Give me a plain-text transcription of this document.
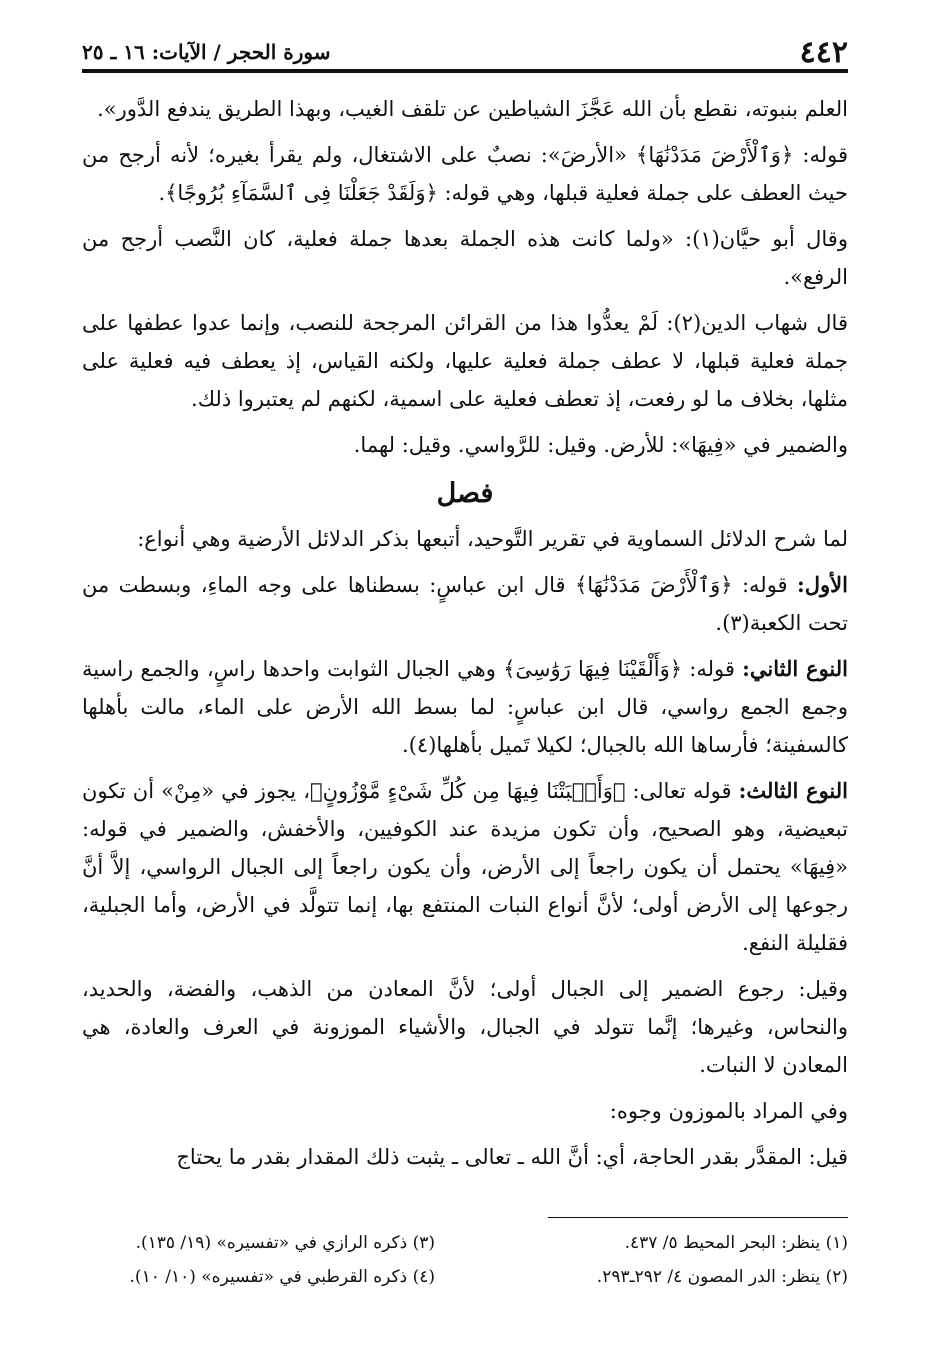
٤٤٢
سورة الحجر / الآيات: ١٦ ـ ٢٥

العلم بنبوته، نقطع بأن الله عَجَّزَ الشياطين عن تلقف الغيب، وبهذا الطريق يندفع الدَّور».

قوله: ﴿وَٱلْأَرْضَ مَدَدْنَٰهَا﴾ «الأرضَ»: نصبٌ على الاشتغال، ولم يقرأ بغيره؛ لأنه أرجح من حيث العطف على جملة فعلية قبلها، وهي قوله: ﴿وَلَقَدْ جَعَلْنَا فِى ٱلسَّمَآءِ بُرُوجًا﴾.

وقال أبو حيَّان(١): «ولما كانت هذه الجملة بعدها جملة فعلية، كان النَّصب أرجح من الرفع».

قال شهاب الدين(٢): لَمْ يعدُّوا هذا من القرائن المرجحة للنصب، وإنما عدوا عطفها على جملة فعلية قبلها، لا عطف جملة فعلية عليها، ولكنه القياس، إذ يعطف فيه فعلية على مثلها، بخلاف ما لو رفعت، إذ تعطف فعلية على اسمية، لكنهم لم يعتبروا ذلك.

والضمير في «فِيهَا»: للأرض. وقيل: للرَّواسي. وقيل: لهما.

فصل

لما شرح الدلائل السماوية في تقرير التَّوحيد، أتبعها بذكر الدلائل الأرضية وهي أنواع:

الأول: قوله: ﴿وَٱلْأَرْضَ مَدَدْنَٰهَا﴾ قال ابن عباسٍ: بسطناها على وجه الماءِ، وبسطت من تحت الكعبة(٣).

النوع الثاني: قوله: ﴿وَأَلْقَيْنَا فِيهَا رَوَٰسِىَ﴾ وهي الجبال الثوابت واحدها راسٍ، والجمع راسية وجمع الجمع رواسي، قال ابن عباسٍ: لما بسط الله الأرض على الماء، مالت بأهلها كالسفينة؛ فأرساها الله بالجبال؛ لكيلا تَميل بأهلها(٤).

النوع الثالث: قوله تعالى: ﴿وَأَنۢبَتْنَا فِيهَا مِن كُلِّ شَىْءٍ مَّوْزُونٍ﴾، يجوز في «مِنْ» أن تكون تبعيضية، وهو الصحيح، وأن تكون مزيدة عند الكوفيين، والأخفش، والضمير في قوله: «فِيهَا» يحتمل أن يكون راجعاً إلى الأرض، وأن يكون راجعاً إلى الجبال الرواسي، إلاَّ أنَّ رجوعها إلى الأرض أولى؛ لأنَّ أنواع النبات المنتفع بها، إنما تتولَّد في الأرض، وأما الجبلية، فقليلة النفع.

وقيل: رجوع الضمير إلى الجبال أولى؛ لأنَّ المعادن من الذهب، والفضة، والحديد، والنحاس، وغيرها؛ إنَّما تتولد في الجبال، والأشياء الموزونة في العرف والعادة، هي المعادن لا النبات.

وفي المراد بالموزون وجوه:

قيل: المقدَّر بقدر الحاجة، أي: أنَّ الله ـ تعالى ـ يثبت ذلك المقدار بقدر ما يحتاج

(١) ينظر: البحر المحيط ٥/ ٤٣٧.
(٣) ذكره الرازي في «تفسيره» (١٩/ ١٣٥).
(٢) ينظر: الدر المصون ٤/ ٢٩٢ـ٢٩٣.
(٤) ذكره القرطبي في «تفسيره» (١٠/ ١٠).
